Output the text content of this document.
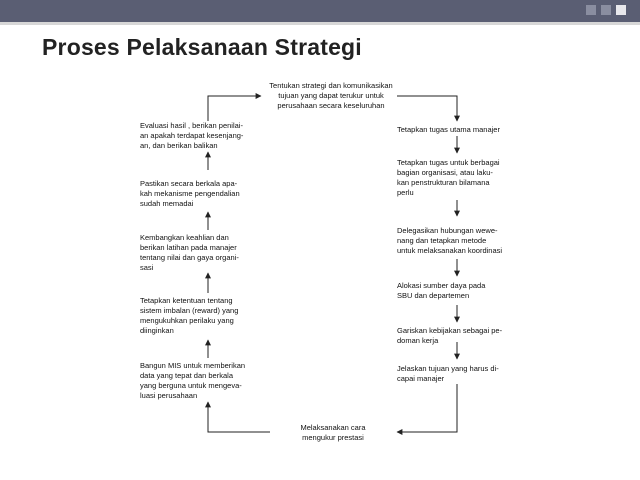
Proses Pelaksanaan Strategi
Tentukan strategi dan komunikasikan
tujuan yang dapat terukur untuk
perusahaan secara keseluruhan
Tetapkan tugas utama manajer
Tetapkan tugas untuk berbagai
bagian organisasi, atau laku-
kan penstrukturan bilamana
perlu
Delegasikan hubungan wewe-
nang dan tetapkan metode
untuk melaksanakan koordinasi
Alokasi sumber daya pada
SBU dan departemen
Gariskan kebijakan sebagai pe-
doman kerja
Jelaskan tujuan yang harus di-
capai manajer
Melaksanakan cara
mengukur prestasi
Evaluasi hasil , berikan penilai-
an apakah terdapat kesenjang-
an, dan berikan balikan
Pastikan secara berkala apa-
kah mekanisme pengendalian
sudah memadai
Kembangkan keahlian dan
berikan latihan pada manajer
tentang nilai dan gaya organi-
sasi
Tetapkan ketentuan tentang
sistem imbalan (reward) yang
mengukuhkan perilaku yang
diinginkan
Bangun MIS untuk memberikan
data yang tepat dan berkala
yang berguna untuk mengeva-
luasi perusahaan
